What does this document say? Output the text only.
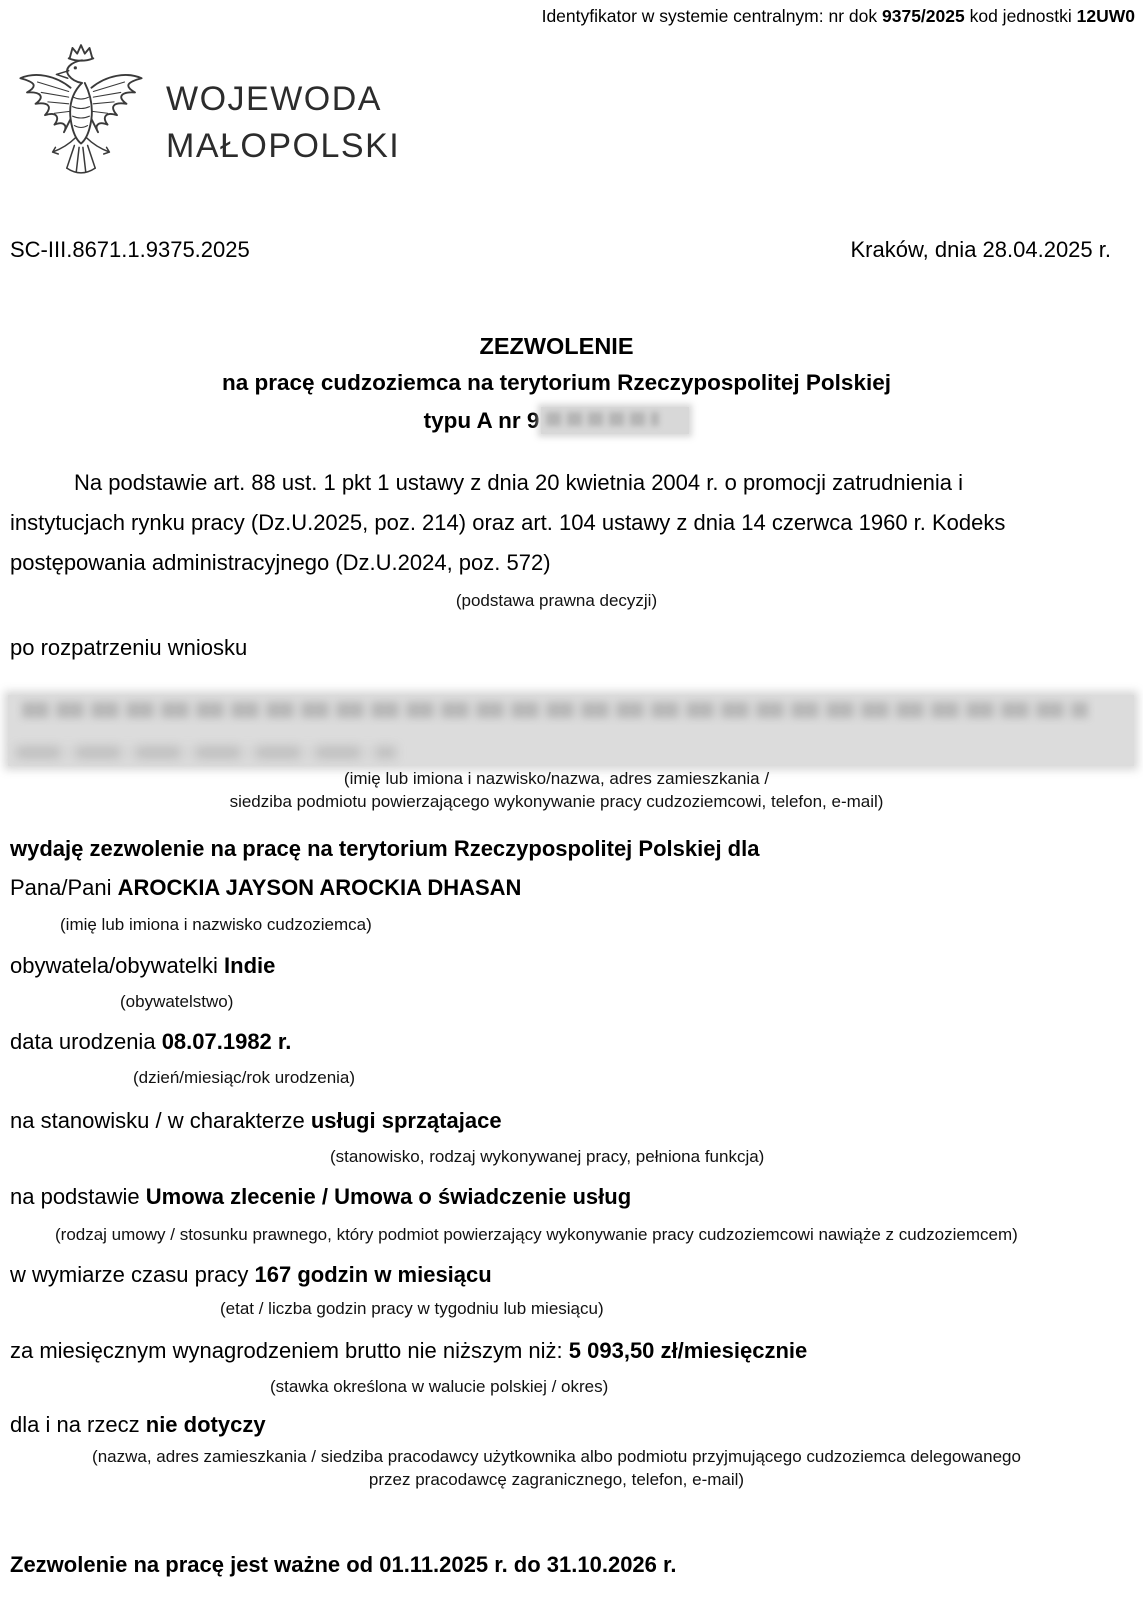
Identyfikator w systemie centralnym: nr dok 9375/2025 kod jednostki 12UW0
WOJEWODA
MAŁOPOLSKI
SC-III.8671.1.9375.2025	Kraków, dnia 28.04.2025 r.
ZEZWOLENIE
na pracę cudzoziemca na terytorium Rzeczypospolitej Polskiej
typu A nr 9
Na podstawie art. 88 ust. 1 pkt 1 ustawy z dnia 20 kwietnia 2004 r. o promocji zatrudnienia i
instytucjach rynku pracy (Dz.U.2025, poz. 214) oraz art. 104 ustawy z dnia 14 czerwca 1960 r. Kodeks
postępowania administracyjnego (Dz.U.2024, poz. 572)
(podstawa prawna decyzji)
po rozpatrzeniu wniosku
(imię lub imiona i nazwisko/nazwa, adres zamieszkania /
siedziba podmiotu powierzającego wykonywanie pracy cudzoziemcowi, telefon, e-mail)
wydaję zezwolenie na pracę na terytorium Rzeczypospolitej Polskiej dla
Pana/Pani AROCKIA JAYSON AROCKIA DHASAN
(imię lub imiona i nazwisko cudzoziemca)
obywatela/obywatelki Indie
(obywatelstwo)
data urodzenia 08.07.1982 r.
(dzień/miesiąc/rok urodzenia)
na stanowisku / w charakterze usługi sprzątajace
(stanowisko, rodzaj wykonywanej pracy, pełniona funkcja)
na podstawie Umowa zlecenie / Umowa o świadczenie usług
(rodzaj umowy / stosunku prawnego, który podmiot powierzający wykonywanie pracy cudzoziemcowi nawiąże z cudzoziemcem)
w wymiarze czasu pracy 167 godzin w miesiącu
(etat / liczba godzin pracy w tygodniu lub miesiącu)
za miesięcznym wynagrodzeniem brutto nie niższym niż: 5 093,50 zł/miesięcznie
(stawka określona w walucie polskiej / okres)
dla i na rzecz nie dotyczy
(nazwa, adres zamieszkania / siedziba pracodawcy użytkownika albo podmiotu przyjmującego cudzoziemca delegowanego
przez pracodawcę zagranicznego, telefon, e-mail)
Zezwolenie na pracę jest ważne od 01.11.2025 r. do 31.10.2026 r.
